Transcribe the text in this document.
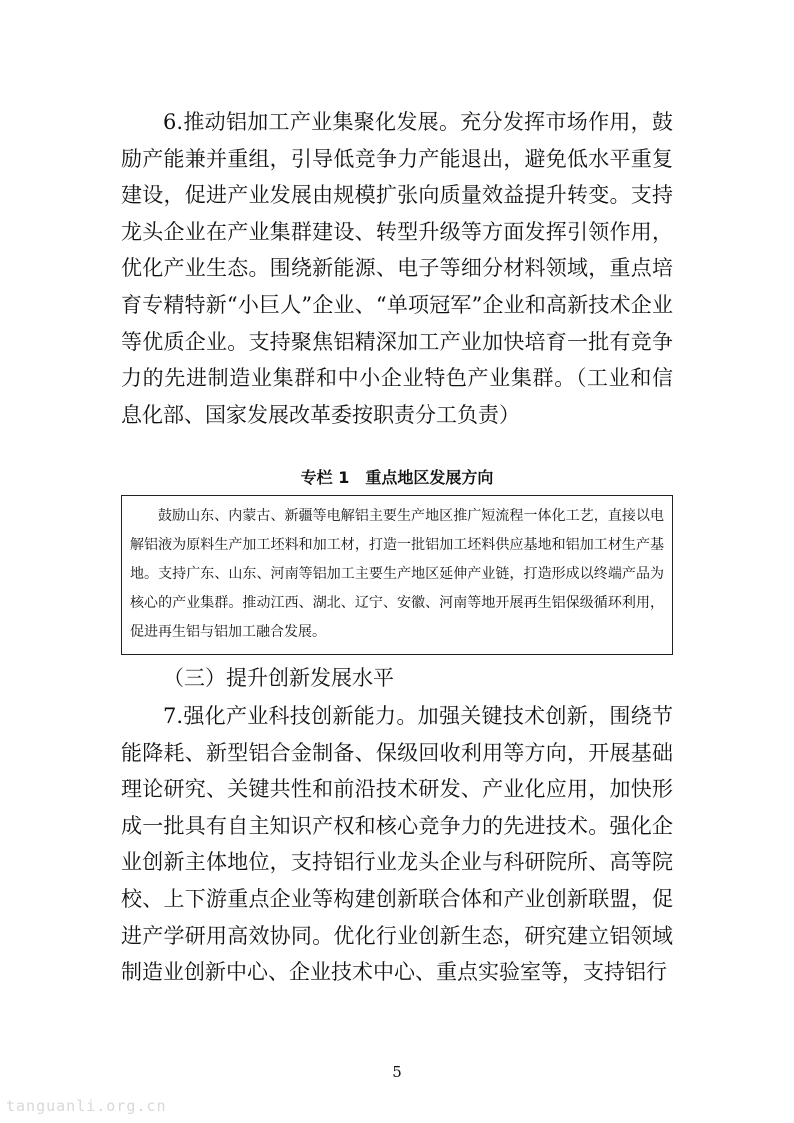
6.推动铝加工产业集聚化发展。充分发挥市场作用，鼓励产能兼并重组，引导低竞争力产能退出，避免低水平重复建设，促进产业发展由规模扩张向质量效益提升转变。支持龙头企业在产业集群建设、转型升级等方面发挥引领作用，优化产业生态。围绕新能源、电子等细分材料领域，重点培育专精特新“小巨人”企业、“单项冠军”企业和高新技术企业等优质企业。支持聚焦铝精深加工产业加快培育一批有竞争力的先进制造业集群和中小企业特色产业集群。（工业和信息化部、国家发展改革委按职责分工负责）

专栏 1　重点地区发展方向

鼓励山东、内蒙古、新疆等电解铝主要生产地区推广短流程一体化工艺，直接以电解铝液为原料生产加工坯料和加工材，打造一批铝加工坯料供应基地和铝加工材生产基地。支持广东、山东、河南等铝加工主要生产地区延伸产业链，打造形成以终端产品为核心的产业集群。推动江西、湖北、辽宁、安徽、河南等地开展再生铝保级循环利用，促进再生铝与铝加工融合发展。

（三）提升创新发展水平

7.强化产业科技创新能力。加强关键技术创新，围绕节能降耗、新型铝合金制备、保级回收利用等方向，开展基础理论研究、关键共性和前沿技术研发、产业化应用，加快形成一批具有自主知识产权和核心竞争力的先进技术。强化企业创新主体地位，支持铝行业龙头企业与科研院所、高等院校、上下游重点企业等构建创新联合体和产业创新联盟，促进产学研用高效协同。优化行业创新生态，研究建立铝领域制造业创新中心、企业技术中心、重点实验室等，支持铝行

5
tanguanli.org.cn
